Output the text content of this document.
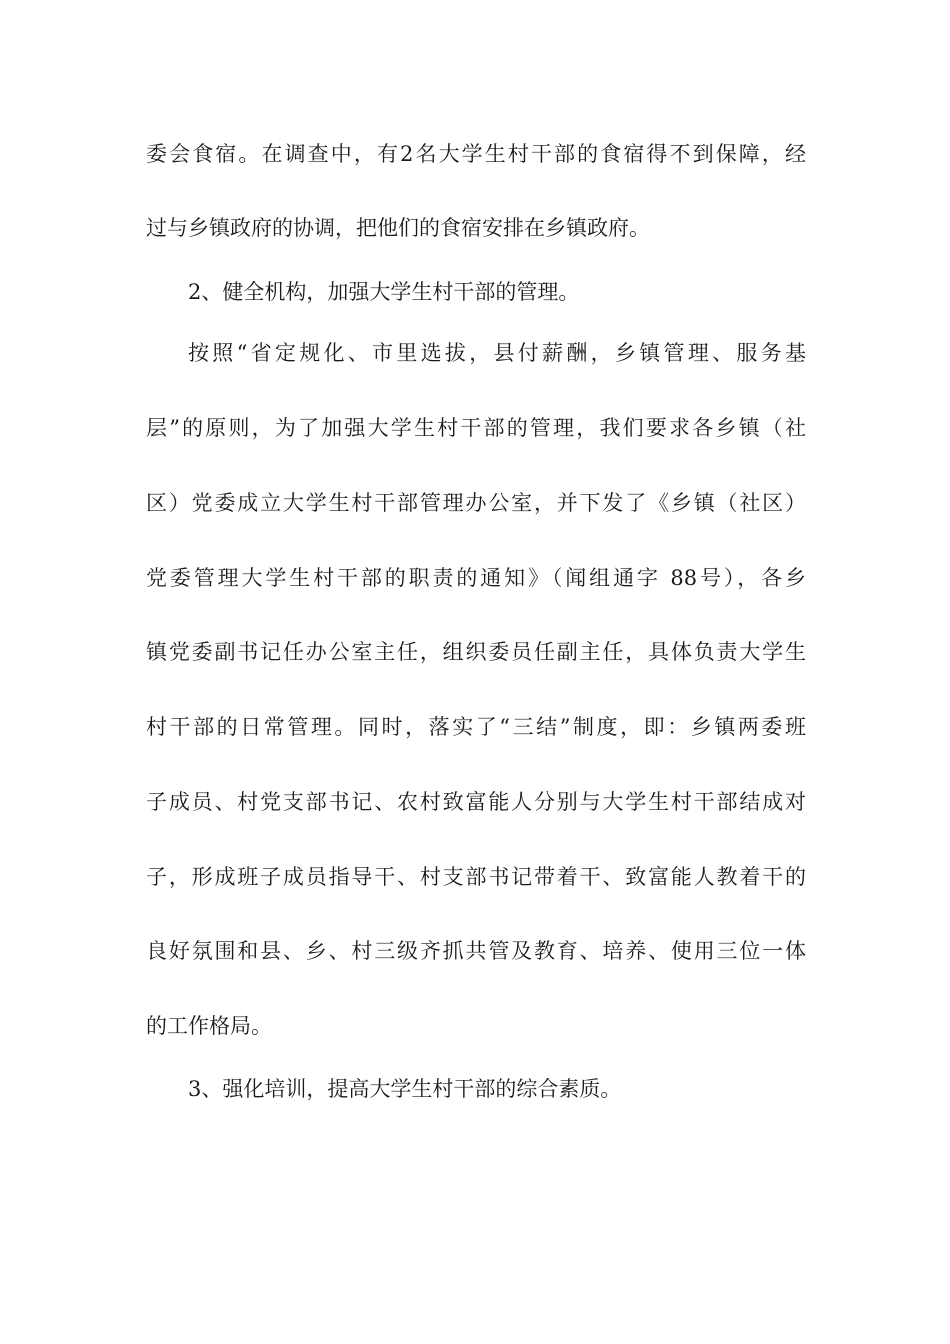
委会食宿。在调查中，有2名大学生村干部的食宿得不到保障，经
过与乡镇政府的协调，把他们的食宿安排在乡镇政府。
2、健全机构，加强大学生村干部的管理。
按照“省定规化、市里选拔，县付薪酬，乡镇管理、服务基
层”的原则，为了加强大学生村干部的管理，我们要求各乡镇（社
区）党委成立大学生村干部管理办公室，并下发了《乡镇（社区）
党委管理大学生村干部的职责的通知》（闻组通字 88号），各乡
镇党委副书记任办公室主任，组织委员任副主任，具体负责大学生
村干部的日常管理。同时，落实了“三结”制度，即：乡镇两委班
子成员、村党支部书记、农村致富能人分别与大学生村干部结成对
子，形成班子成员指导干、村支部书记带着干、致富能人教着干的
良好氛围和县、乡、村三级齐抓共管及教育、培养、使用三位一体
的工作格局。
3、强化培训，提高大学生村干部的综合素质。
